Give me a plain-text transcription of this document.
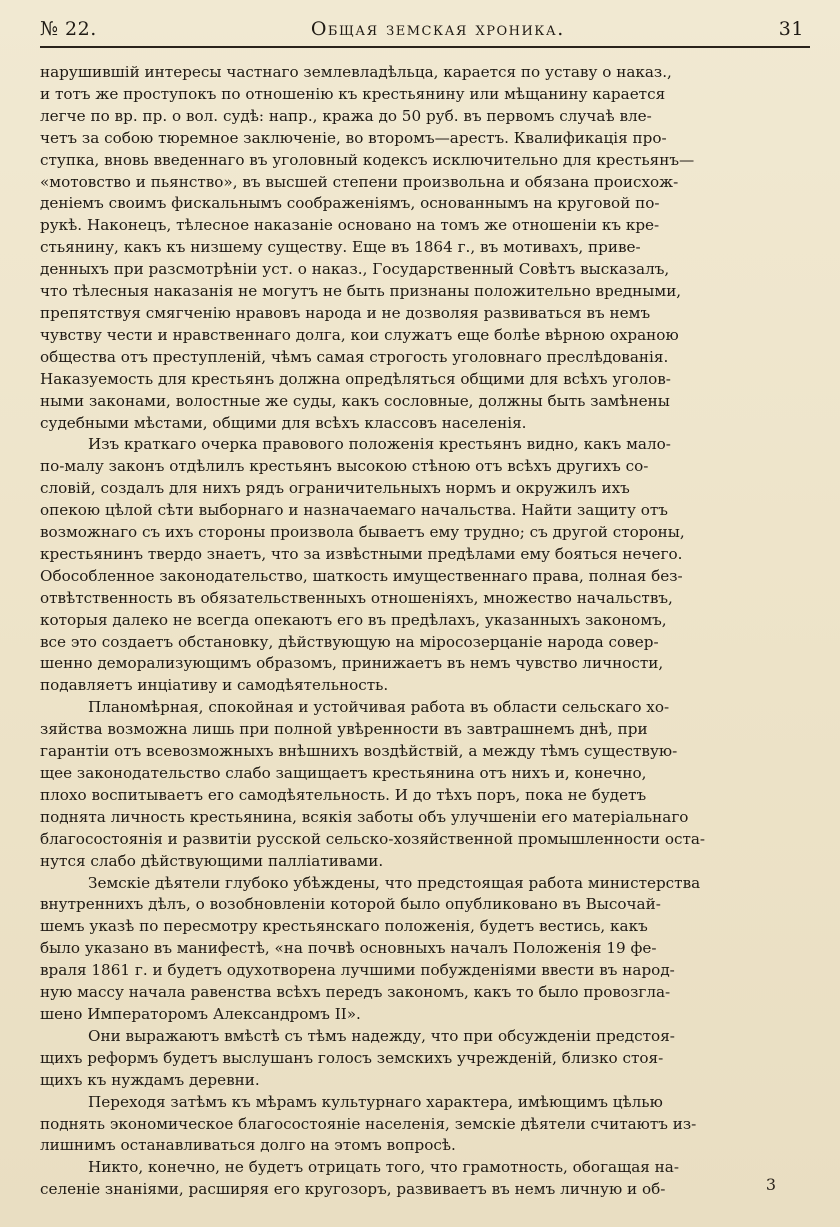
№ 22.	Общая земская хроника.	31

нарушившій интересы частнаго землевладѣльца, карается по уставу о наказ.,
и тотъ же проступокъ по отношенію къ крестьянину или мѣщанину карается
легче по вр. пр. о вол. судѣ: напр., кража до 50 руб. въ первомъ случаѣ вле-
четъ за собою тюремное заключеніе, во второмъ—арестъ. Квалификація про-
ступка, вновь введеннаго въ уголовный кодексъ исключительно для крестьянъ—
«мотовство и пьянство», въ высшей степени произвольна и обязана происхож-
денiемъ своимъ фискальнымъ соображеніямъ, основаннымъ на круговой по-
рукѣ. Наконецъ, тѣлесное наказаніе основано на томъ же отношеніи къ кре-
стьянину, какъ къ низшему существу. Еще въ 1864 г., въ мотивахъ, приве-
денныхъ при разсмотрѣніи уст. о наказ., Государственный Совѣтъ высказалъ,
что тѣлесныя наказанія не могутъ не быть признаны положительно вредными,
препятствуя смягченію нравовъ народа и не дозволяя развиваться въ немъ
чувству чести и нравственнаго долга, кои служатъ еще болѣе вѣрною охраною
общества отъ преступленій, чѣмъ самая строгость уголовнаго преслѣдованія.
Наказуемость для крестьянъ должна опредѣляться общими для всѣхъ уголов-
ными законами, волостные же суды, какъ сословные, должны быть замѣнены
судебными мѣстами, общими для всѣхъ классовъ населенія.

Изъ краткаго очерка правового положенія крестьянъ видно, какъ мало-
по-малу законъ отдѣлилъ крестьянъ высокою стѣною отъ всѣхъ другихъ со-
словій, создалъ для нихъ рядъ ограничительныхъ нормъ и окружилъ ихъ
опекою цѣлой сѣти выборнаго и назначаемаго начальства. Найти защиту отъ
возможнаго съ ихъ стороны произвола бываетъ ему трудно; съ другой стороны,
крестьянинъ твердо знаетъ, что за извѣстными предѣлами ему бояться нечего.
Обособленное законодательство, шаткость имущественнаго права, полная без-
отвѣтственность въ обязательственныхъ отношеніяхъ, множество начальствъ,
которыя далеко не всегда опекаютъ его въ предѣлахъ, указанныхъ закономъ,
все это создаетъ обстановку, дѣйствующую на міросозерцаніе народа совер-
шенно деморализующимъ образомъ, принижаетъ въ немъ чувство личности,
подавляетъ инціативу и самодѣятельность.

Планомѣрная, спокойная и устойчивая работа въ области сельскаго хо-
зяйства возможна лишь при полной увѣренности въ завтрашнемъ днѣ, при
гарантіи отъ всевозможныхъ внѣшнихъ воздѣйствій, а между тѣмъ существую-
щее законодательство слабо защищаетъ крестьянина отъ нихъ и, конечно,
плохо воспитываетъ его самодѣятельность. И до тѣхъ поръ, пока не будетъ
поднята личность крестьянина, всякія заботы объ улучшеніи его матеріальнаго
благосостоянія и развитіи русской сельско-хозяйственной промышленности оста-
нутся слабо дѣйствующими паллiативами.

Земскіе дѣятели глубоко убѣждены, что предстоящая работа министерства
внутреннихъ дѣлъ, о возобновленіи которой было опубликовано въ Высочай-
шемъ указѣ по пересмотру крестьянскаго положенія, будетъ вестись, какъ
было указано въ манифестѣ, «на почвѣ основныхъ началъ Положенія 19 фе-
враля 1861 г. и будетъ одухотворена лучшими побужденіями ввести въ народ-
ную массу начала равенства всѣхъ передъ закономъ, какъ то было провозгла-
шено Императоромъ Александромъ II».

Они выражаютъ вмѣстѣ съ тѣмъ надежду, что при обсужденіи предстоя-
щихъ реформъ будетъ выслушанъ голосъ земскихъ учрежденій, близко стоя-
щихъ къ нуждамъ деревни.

Переходя затѣмъ къ мѣрамъ культурнаго характера, имѣющимъ цѣлью
поднять экономическое благосостояніе населенія, земскіе дѣятели считаютъ из-
лишнимъ останавливаться долго на этомъ вопросѣ.

Никто, конечно, не будетъ отрицать того, что грамотность, обогащая на-
селеніе знаніями, расширяя его кругозоръ, развиваетъ въ немъ личную и об-	3
